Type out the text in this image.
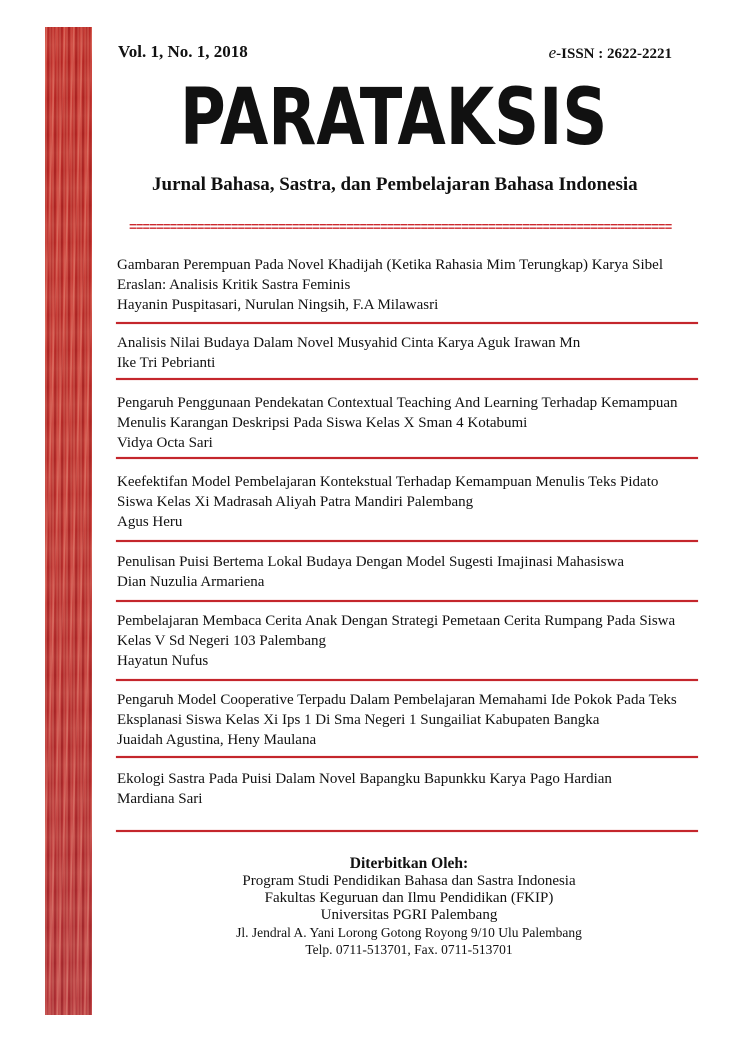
Vol. 1, No. 1, 2018	e-ISSN : 2622-2221
PARATAKSIS
Jurnal Bahasa, Sastra, dan Pembelajaran Bahasa Indonesia
================================================================================
Gambaran Perempuan Pada Novel Khadijah (Ketika Rahasia Mim Terungkap) Karya Sibel
Eraslan: Analisis Kritik Sastra Feminis
Hayanin Puspitasari, Nurulan Ningsih, F.A Milawasri
Analisis Nilai Budaya Dalam Novel Musyahid Cinta Karya Aguk Irawan Mn
Ike Tri Pebrianti
Pengaruh Penggunaan Pendekatan Contextual Teaching And Learning Terhadap Kemampuan
Menulis Karangan Deskripsi Pada Siswa Kelas X Sman 4 Kotabumi
Vidya Octa Sari
Keefektifan Model Pembelajaran Kontekstual Terhadap Kemampuan Menulis Teks Pidato
Siswa Kelas Xi Madrasah Aliyah Patra Mandiri Palembang
Agus Heru
Penulisan Puisi Bertema Lokal Budaya Dengan Model Sugesti Imajinasi Mahasiswa
Dian Nuzulia Armariena
Pembelajaran Membaca Cerita Anak Dengan Strategi Pemetaan Cerita Rumpang Pada Siswa
Kelas V Sd Negeri 103 Palembang
Hayatun Nufus
Pengaruh Model Cooperative Terpadu Dalam Pembelajaran Memahami Ide Pokok Pada Teks
Eksplanasi Siswa Kelas Xi Ips 1 Di Sma Negeri 1 Sungailiat Kabupaten Bangka
Juaidah Agustina, Heny Maulana
Ekologi Sastra Pada Puisi Dalam Novel Bapangku Bapunkku Karya Pago Hardian
Mardiana Sari
Diterbitkan Oleh:
Program Studi Pendidikan Bahasa dan Sastra Indonesia
Fakultas Keguruan dan Ilmu Pendidikan (FKIP)
Universitas PGRI Palembang
Jl. Jendral A. Yani Lorong Gotong Royong 9/10 Ulu Palembang
Telp. 0711-513701, Fax. 0711-513701
